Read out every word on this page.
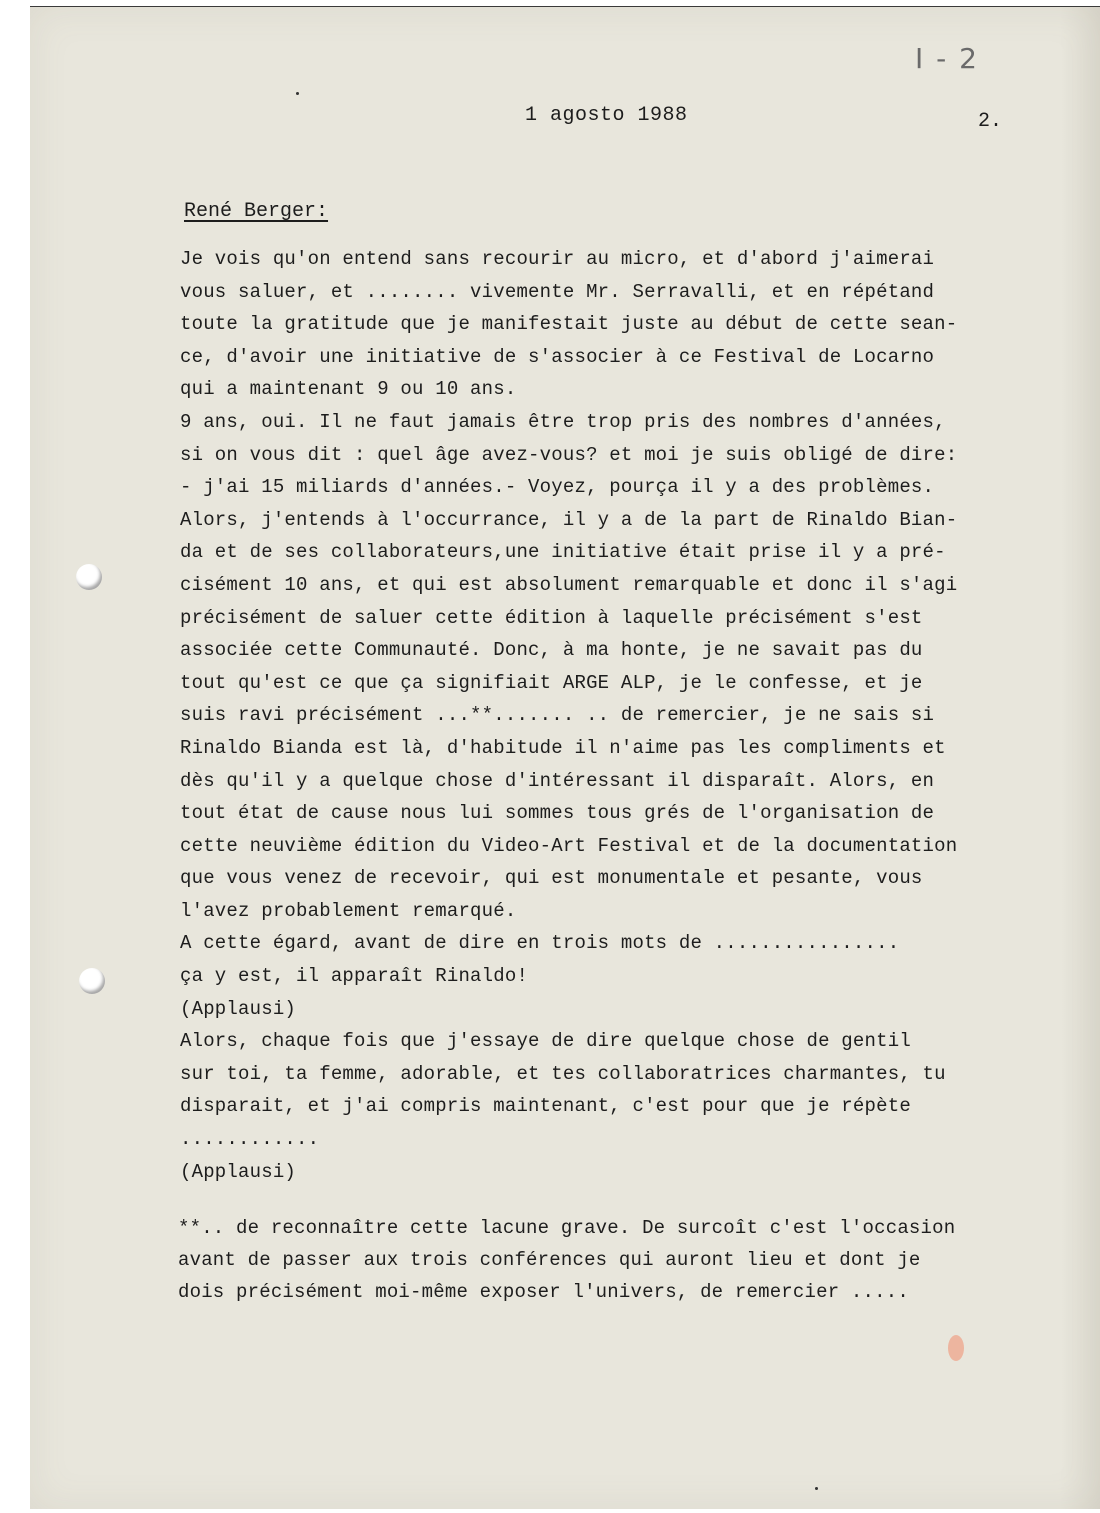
I - 2
1 agosto 1988	2.
René Berger:
Je vois qu'on entend sans recourir au micro, et d'abord j'aimerai
vous saluer, et ........ vivemente Mr. Serravalli, et en répétand
toute la gratitude que je manifestait juste au début de cette sean-
ce, d'avoir une initiative de s'associer à ce Festival de Locarno
qui a maintenant 9 ou 10 ans.
9 ans, oui. Il ne faut jamais être trop pris des nombres d'années,
si on vous dit : quel âge avez-vous? et moi je suis obligé de dire:
- j'ai 15 miliards d'années.- Voyez, pourça il y a des problèmes.
Alors, j'entends à l'occurrance, il y a de la part de Rinaldo Bian-
da et de ses collaborateurs,une initiative était prise il y a pré-
cisément 10 ans, et qui est absolument remarquable et donc il s'agi
précisément de saluer cette édition à laquelle précisément s'est
associée cette Communauté. Donc, à ma honte, je ne savait pas du
tout qu'est ce que ça signifiait ARGE ALP, je le confesse, et je
suis ravi précisément ...**....... .. de remercier, je ne sais si
Rinaldo Bianda est là, d'habitude il n'aime pas les compliments et
dès qu'il y a quelque chose d'intéressant il disparaît. Alors, en
tout état de cause nous lui sommes tous grés de l'organisation de
cette neuvième édition du Video-Art Festival et de la documentation
que vous venez de recevoir, qui est monumentale et pesante, vous
l'avez probablement remarqué.
A cette égard, avant de dire en trois mots de ................
ça y est, il apparaît Rinaldo!
(Applausi)
Alors, chaque fois que j'essaye de dire quelque chose de gentil
sur toi, ta femme, adorable, et tes collaboratrices charmantes, tu
disparait, et j'ai compris maintenant, c'est pour que je répète
............
(Applausi)
**.. de reconnaître cette lacune grave. De surcoît c'est l'occasion
avant de passer aux trois conférences qui auront lieu et dont je
dois précisément moi-même exposer l'univers, de remercier .....
